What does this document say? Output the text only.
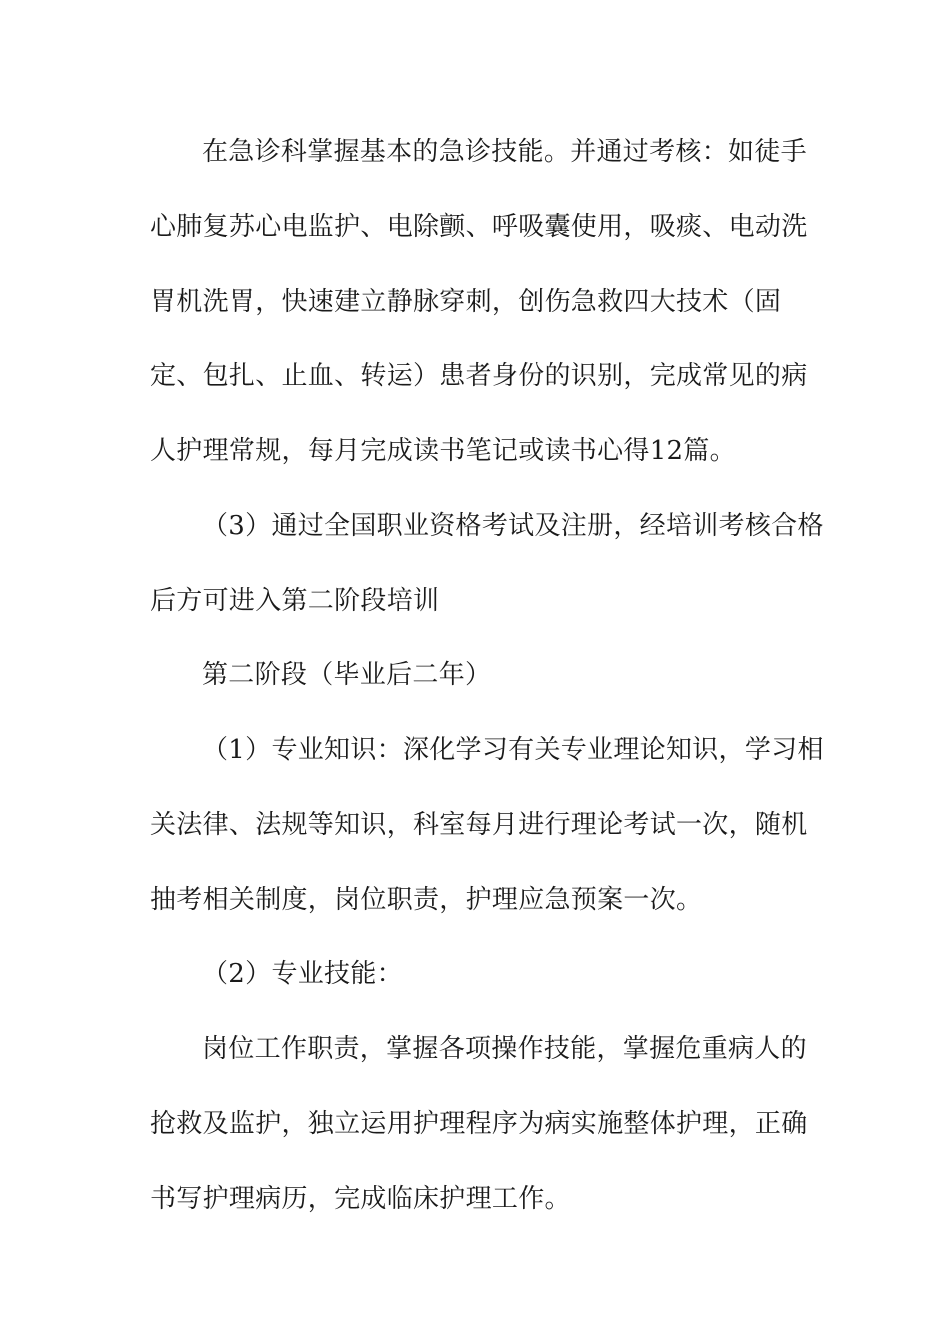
在急诊科掌握基本的急诊技能。并通过考核：如徒手
心肺复苏心电监护、电除颤、呼吸囊使用，吸痰、电动洗
胃机洗胃，快速建立静脉穿刺，创伤急救四大技术（固
定、包扎、止血、转运）患者身份的识别，完成常见的病
人护理常规，每月完成读书笔记或读书心得12篇。
（3）通过全国职业资格考试及注册，经培训考核合格
后方可进入第二阶段培训
第二阶段（毕业后二年）
（1）专业知识：深化学习有关专业理论知识，学习相
关法律、法规等知识，科室每月进行理论考试一次，随机
抽考相关制度，岗位职责，护理应急预案一次。
（2）专业技能：
岗位工作职责，掌握各项操作技能，掌握危重病人的
抢救及监护，独立运用护理程序为病实施整体护理，正确
书写护理病历，完成临床护理工作。
